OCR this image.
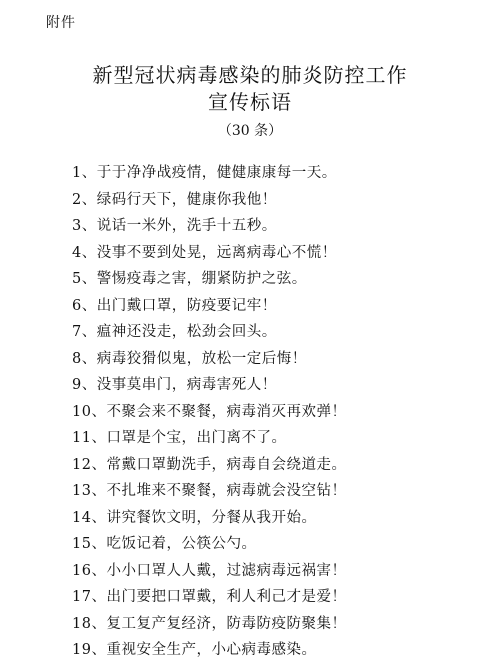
附件
新型冠状病毒感染的肺炎防控工作
宣传标语
（30 条）
1、于于净净战疫情，健健康康每一天。
2、绿码行天下，健康你我他！
3、说话一米外，洗手十五秒。
4、没事不要到处晃，远离病毒心不慌！
5、警惕疫毒之害，绷紧防护之弦。
6、出门戴口罩，防疫要记牢！
7、瘟神还没走，松劲会回头。
8、病毒狡猾似鬼，放松一定后悔！
9、没事莫串门，病毒害死人！
10、不聚会来不聚餐，病毒消灭再欢弹！
11、口罩是个宝，出门离不了。
12、常戴口罩勤洗手，病毒自会绕道走。
13、不扎堆来不聚餐，病毒就会没空钻！
14、讲究餐饮文明，分餐从我开始。
15、吃饭记着，公筷公勺。
16、小小口罩人人戴，过滤病毒远祸害！
17、出门要把口罩戴，利人利己才是爱！
18、复工复产复经济，防毒防疫防聚集！
19、重视安全生产，小心病毒感染。
